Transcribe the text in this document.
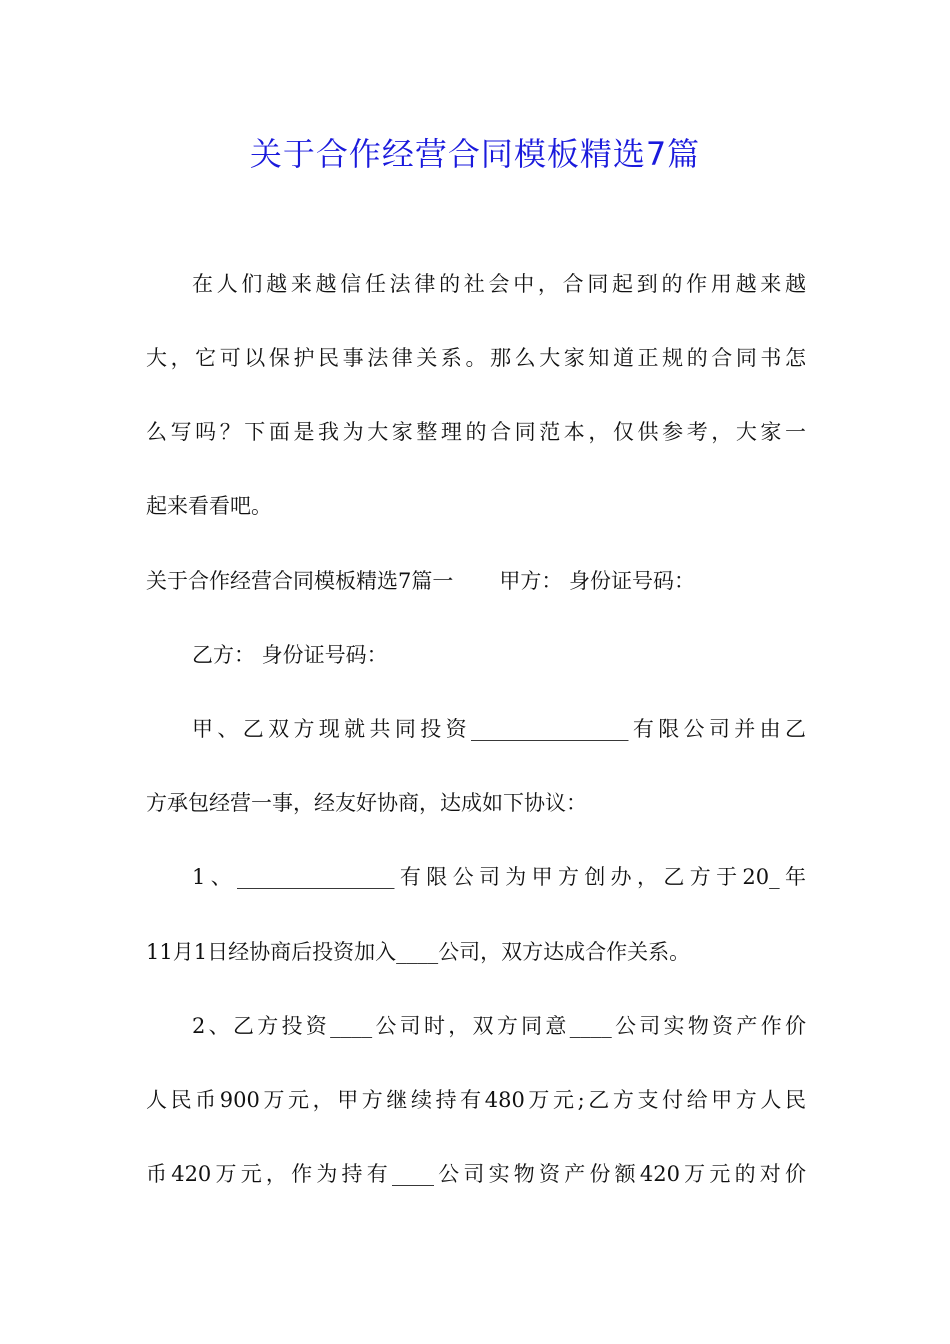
关于合作经营合同模板精选7篇

在人们越来越信任法律的社会中，合同起到的作用越来越

大，它可以保护民事法律关系。那么大家知道正规的合同书怎

么写吗？下面是我为大家整理的合同范本，仅供参考，大家一

起来看看吧。

关于合作经营合同模板精选7篇一 甲方： 身份证号码：

乙方： 身份证号码：

甲、乙双方现就共同投资_______________有限公司并由乙

方承包经营一事，经友好协商，达成如下协议：

1、_______________有限公司为甲方创办，乙方于20_年

11月1日经协商后投资加入____公司，双方达成合作关系。

2、乙方投资____公司时，双方同意____公司实物资产作价

人民币900万元，甲方继续持有480万元;乙方支付给甲方人民

币420万元，作为持有____公司实物资产份额420万元的对价
